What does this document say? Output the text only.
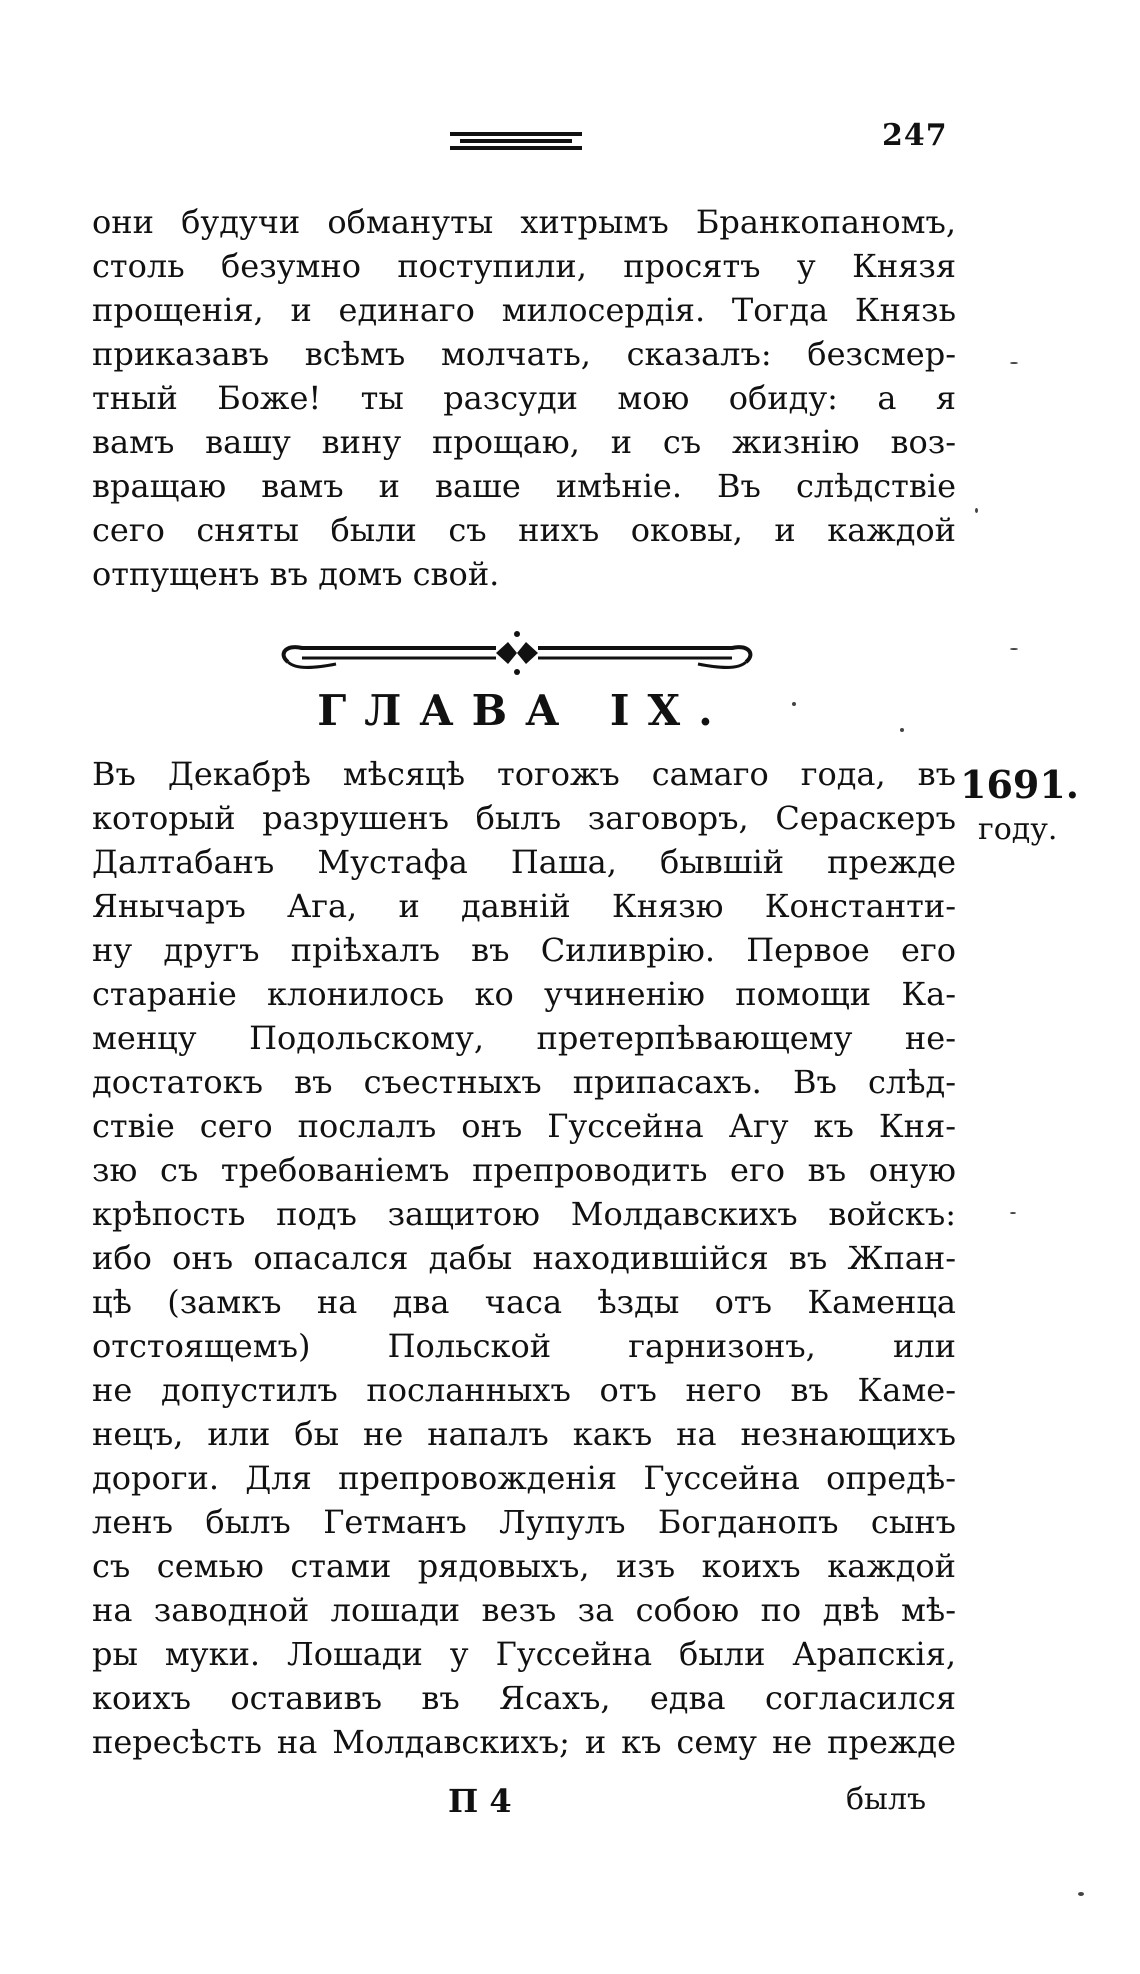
247
они будучи обмануты хитрымъ Бранкопаномъ,
столь безумно поступили, просятъ у Князя
прощенія, и единаго милосердія. Тогда Князь
приказавъ всѣмъ молчать, сказалъ: безсмер-
тный Боже! ты разсуди мою обиду: а я
вамъ вашу вину прощаю, и съ жизнію воз-
вращаю вамъ и ваше имѣніе. Въ слѣдствіе
сего сняты были съ нихъ оковы, и каждой
отпущенъ въ домъ свой.
ГЛАВА IX.
1691.
году.
Въ Декабрѣ мѣсяцѣ тогожъ самаго года, въ
который разрушенъ былъ заговоръ, Сераскеръ
Далтабанъ Мустафа Паша, бывшій прежде
Янычаръ Ага, и давній Князю Константи-
ну другъ пріѣхалъ въ Силиврію. Первое его
стараніе клонилось ко учиненію помощи Ка-
менцу Подольскому, претерпѣвающему не-
достатокъ въ съестныхъ припасахъ. Въ слѣд-
ствіе сего послалъ онъ Гуссейна Агу къ Кня-
зю съ требованіемъ препроводить его въ оную
крѣпость подъ защитою Молдавскихъ войскъ:
ибо онъ опасался дабы находившійся въ Жпан-
цѣ (замкъ на два часа ѣзды отъ Каменца
отстоящемъ) Польской гарнизонъ, или
не допустилъ посланныхъ отъ него въ Каме-
нецъ, или бы не напалъ какъ на незнающихъ
дороги. Для препровожденія Гуссейна опредѣ-
ленъ былъ Гетманъ Лупулъ Богданопъ сынъ
съ семью стами рядовыхъ, изъ коихъ каждой
на заводной лошади везъ за собою по двѣ мѣ-
ры муки. Лошади у Гуссейна были Арапскія,
коихъ оставивъ въ Ясахъ, едва согласился
пересѣсть на Молдавскихъ; и къ сему не прежде
П 4	былъ
